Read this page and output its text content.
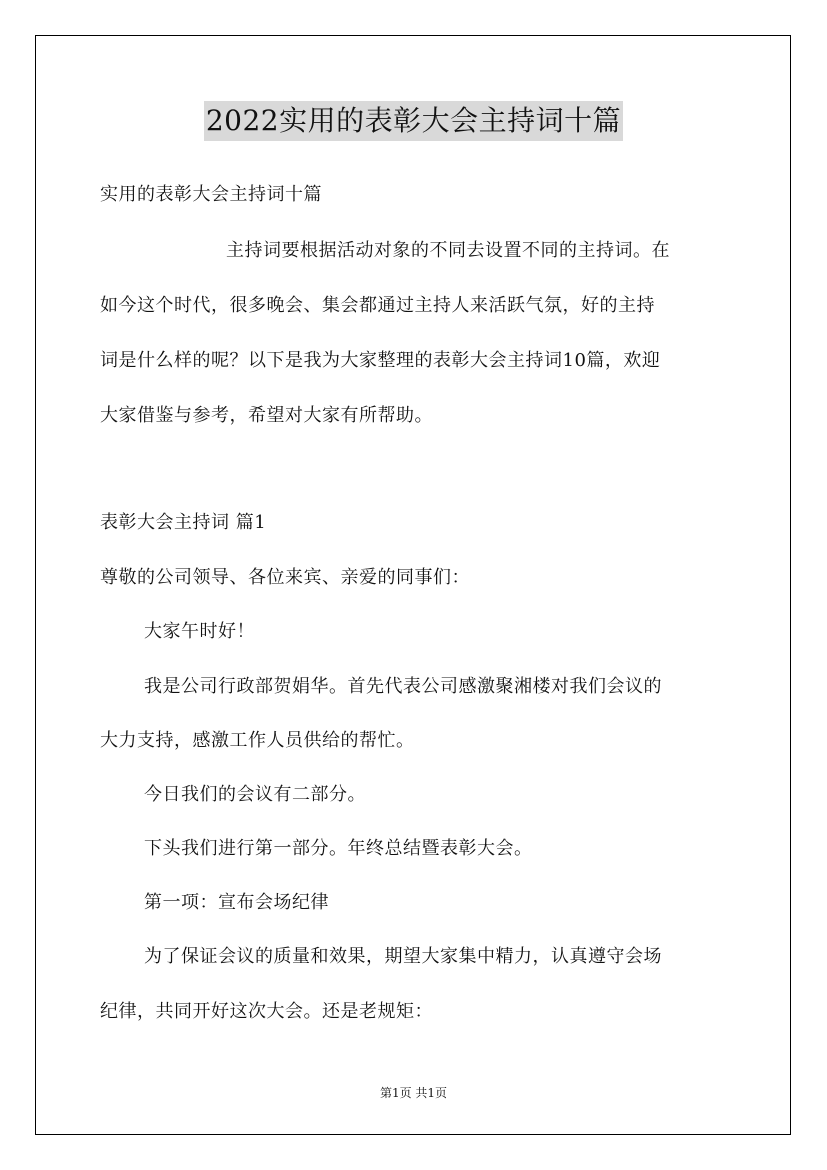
2022实用的表彰大会主持词十篇
实用的表彰大会主持词十篇
主持词要根据活动对象的不同去设置不同的主持词。在
如今这个时代，很多晚会、集会都通过主持人来活跃气氛，好的主持
词是什么样的呢？以下是我为大家整理的表彰大会主持词10篇，欢迎
大家借鉴与参考，希望对大家有所帮助。
表彰大会主持词 篇1
尊敬的公司领导、各位来宾、亲爱的同事们：
大家午时好！
我是公司行政部贺娟华。首先代表公司感激聚湘楼对我们会议的
大力支持，感激工作人员供给的帮忙。
今日我们的会议有二部分。
下头我们进行第一部分。年终总结暨表彰大会。
第一项：宣布会场纪律
为了保证会议的质量和效果，期望大家集中精力，认真遵守会场
纪律，共同开好这次大会。还是老规矩：
第1页 共1页
